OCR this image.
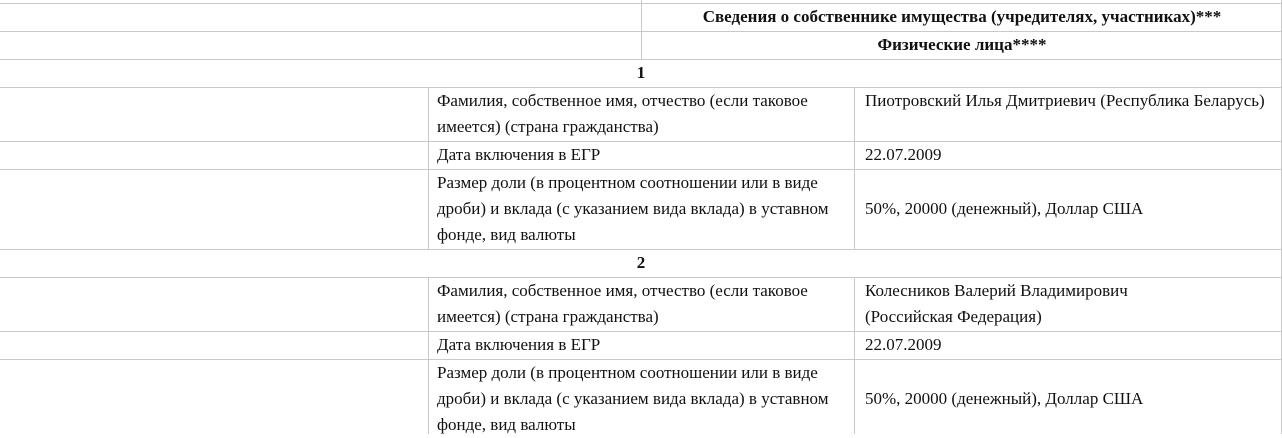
Сведения о собственнике имущества (учредителях, участниках)***
Физические лица****
1
Фамилия, собственное имя, отчество (если таковое имеется) (страна гражданства)
Пиотровский Илья Дмитриевич (Республика Беларусь)
Дата включения в ЕГР	22.07.2009
Размер доли (в процентном соотношении или в виде дроби) и вклада (с указанием вида вклада) в уставном фонде, вид валюты
50%, 20000 (денежный), Доллар США
2
Фамилия, собственное имя, отчество (если таковое имеется) (страна гражданства)
Колесников Валерий Владимирович (Российская Федерация)
Дата включения в ЕГР	22.07.2009
Размер доли (в процентном соотношении или в виде дроби) и вклада (с указанием вида вклада) в уставном фонде, вид валюты
50%, 20000 (денежный), Доллар США
